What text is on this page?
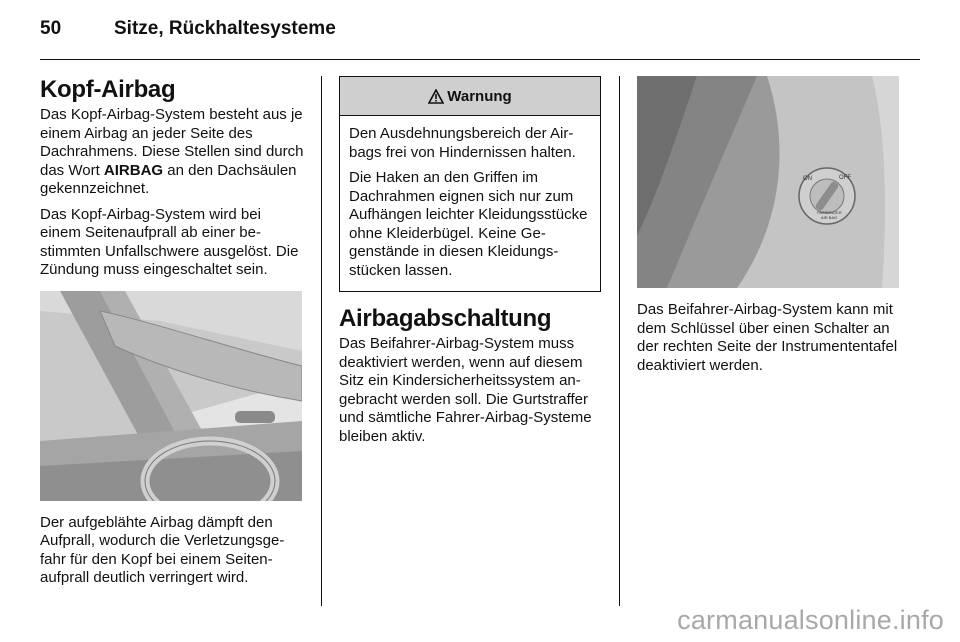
50	Sitze, Rückhaltesysteme
Kopf-Airbag

Das Kopf-Airbag-System besteht aus je einem Airbag an jeder Seite des Dachrahmens. Diese Stellen sind durch das Wort AIRBAG an den Dachsäulen gekennzeichnet.

Das Kopf-Airbag-System wird bei einem Seitenaufprall ab einer bestimmten Unfallschwere ausgelöst. Die Zündung muss eingeschaltet sein.

Der aufgeblähte Airbag dämpft den Aufprall, wodurch die Verletzungsgefahr für den Kopf bei einem Seitenaufprall deutlich verringert wird.

Warnung

Den Ausdehnungsbereich der Airbags frei von Hindernissen halten.

Die Haken an den Griffen im Dachrahmen eignen sich nur zum Aufhängen leichter Kleidungsstücke ohne Kleiderbügel. Keine Gegenstände in diesen Kleidungsstücken lassen.

Airbagabschaltung

Das Beifahrer-Airbag-System muss deaktiviert werden, wenn auf diesem Sitz ein Kindersicherheitssystem angebracht werden soll. Die Gurtstraffer und sämtliche Fahrer-Airbag-Systeme bleiben aktiv.

ON	OFF
PASSENGER
AIR BAG

Das Beifahrer-Airbag-System kann mit dem Schlüssel über einen Schalter an der rechten Seite der Instrumententafel deaktiviert werden.

carmanualsonline.info
